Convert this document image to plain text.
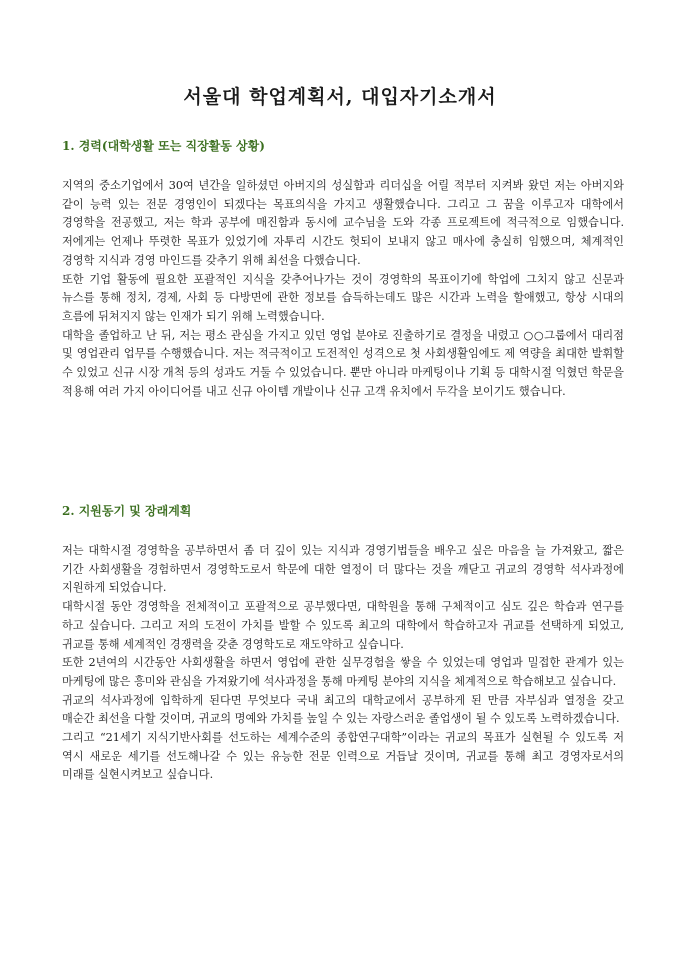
서울대 학업계획서, 대입자기소개서
1. 경력(대학생활 또는 직장활동 상황)

지역의 중소기업에서 30여 년간을 일하셨던 아버지의 성실함과 리더십을 어릴 적부터 지켜봐 왔던 저는 아버지와 같이 능력 있는 전문 경영인이 되겠다는 목표의식을 가지고 생활했습니다. 그리고 그 꿈을 이루고자 대학에서 경영학을 전공했고, 저는 학과 공부에 매진함과 동시에 교수님을 도와 각종 프로젝트에 적극적으로 임했습니다. 저에게는 언제나 뚜렷한 목표가 있었기에 자투리 시간도 헛되이 보내지 않고 매사에 충실히 임했으며, 체계적인 경영학 지식과 경영 마인드를 갖추기 위해 최선을 다했습니다.

또한 기업 활동에 필요한 포괄적인 지식을 갖추어나가는 것이 경영학의 목표이기에 학업에 그치지 않고 신문과 뉴스를 통해 정치, 경제, 사회 등 다방면에 관한 정보를 습득하는데도 많은 시간과 노력을 할애했고, 항상 시대의 흐름에 뒤쳐지지 않는 인재가 되기 위해 노력했습니다.

대학을 졸업하고 난 뒤, 저는 평소 관심을 가지고 있던 영업 분야로 진출하기로 결정을 내렸고 ○○그룹에서 대리점 및 영업관리 업무를 수행했습니다. 저는 적극적이고 도전적인 성격으로 첫 사회생활임에도 제 역량을 최대한 발휘할 수 있었고 신규 시장 개척 등의 성과도 거둘 수 있었습니다. 뿐만 아니라 마케팅이나 기획 등 대학시절 익혔던 학문을 적용해 여러 가지 아이디어를 내고 신규 아이템 개발이나 신규 고객 유치에서 두각을 보이기도 했습니다.

2. 지원동기 및 장래계획

저는 대학시절 경영학을 공부하면서 좀 더 깊이 있는 지식과 경영기법들을 배우고 싶은 마음을 늘 가져왔고, 짧은 기간 사회생활을 경험하면서 경영학도로서 학문에 대한 열정이 더 많다는 것을 깨닫고 귀교의 경영학 석사과정에 지원하게 되었습니다.

대학시절 동안 경영학을 전체적이고 포괄적으로 공부했다면, 대학원을 통해 구체적이고 심도 깊은 학습과 연구를 하고 싶습니다. 그리고 저의 도전이 가치를 발할 수 있도록 최고의 대학에서 학습하고자 귀교를 선택하게 되었고, 귀교를 통해 세계적인 경쟁력을 갖춘 경영학도로 재도약하고 싶습니다.

또한 2년여의 시간동안 사회생활을 하면서 영업에 관한 실무경험을 쌓을 수 있었는데 영업과 밀접한 관계가 있는 마케팅에 많은 흥미와 관심을 가져왔기에 석사과정을 통해 마케팅 분야의 지식을 체계적으로 학습해보고 싶습니다.

귀교의 석사과정에 입학하게 된다면 무엇보다 국내 최고의 대학교에서 공부하게 된 만큼 자부심과 열정을 갖고 매순간 최선을 다할 것이며, 귀교의 명예와 가치를 높일 수 있는 자랑스러운 졸업생이 될 수 있도록 노력하겠습니다.

그리고 “21세기 지식기반사회를 선도하는 세계수준의 종합연구대학”이라는 귀교의 목표가 실현될 수 있도록 저 역시 새로운 세기를 선도해나갈 수 있는 유능한 전문 인력으로 거듭날 것이며, 귀교를 통해 최고 경영자로서의 미래를 실현시켜보고 싶습니다.
